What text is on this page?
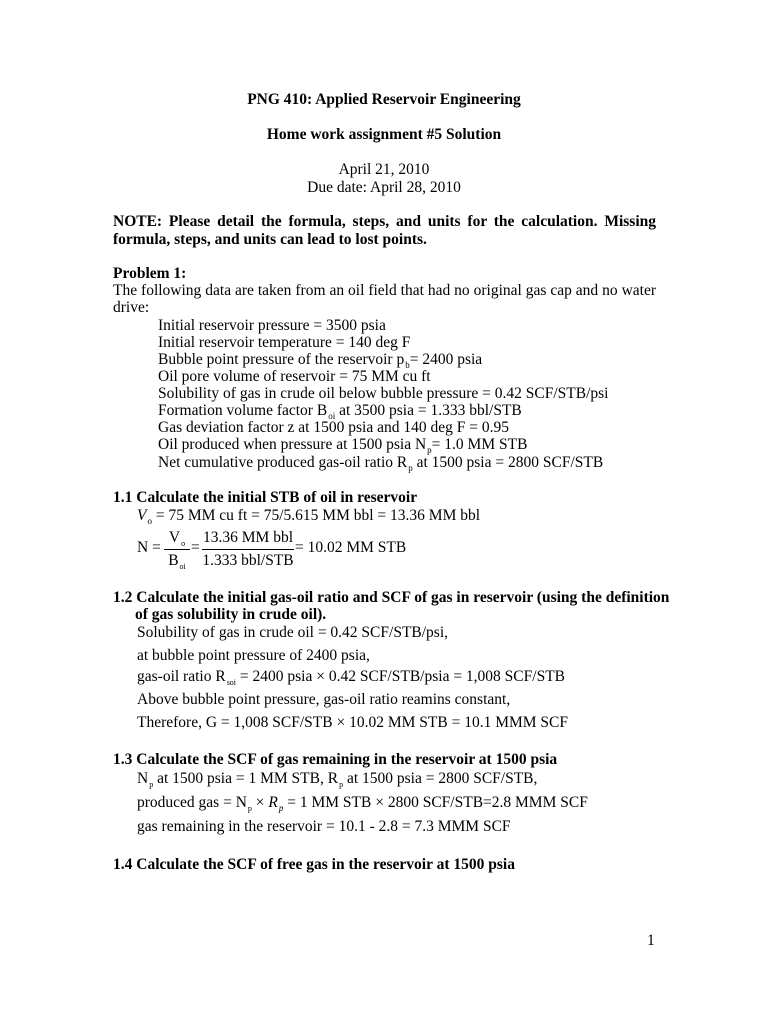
PNG 410: Applied Reservoir Engineering
Home work assignment #5 Solution
April 21, 2010
Due date: April 28, 2010
NOTE: Please detail the formula, steps, and units for the calculation. Missing
formula, steps, and units can lead to lost points.
Problem 1:
The following data are taken from an oil field that had no original gas cap and no water
drive:
Initial reservoir pressure = 3500 psia
Initial reservoir temperature = 140 deg F
Bubble point pressure of the reservoir $p_b= 2400$ psia
Oil pore volume of reservoir = 75 MM cu ft
Solubility of gas in crude oil below bubble pressure = 0.42 SCF/STB/psi
Formation volume factor $B_{oi}$ at 3500 psia = 1.333 bbl/STB
Gas deviation factor z at 1500 psia and 140 deg F = 0.95
Oil produced when pressure at 1500 psia $N_p= 1.0$ MM STB
Net cumulative produced gas-oil ratio $R_p$ at 1500 psia = 2800 SCF/STB
1.1 Calculate the initial STB of oil in reservoir
$V_o = 75$ MM cu ft = 75/5.615 MM bbl = 13.36 MM bbl
N =
$V_o$
$B_{oi}$
=
13.36 MM bbl
1.333 bbl/STB
= 10.02 MM STB
1.2 Calculate the initial gas-oil ratio and SCF of gas in reservoir (using the definition
of gas solubility in crude oil).
Solubility of gas in crude oil = 0.42 SCF/STB/psi,
at bubble point pressure of 2400 psia,
gas-oil ratio $R_{soi} = 2400$ psia × 0.42 SCF/STB/psia = 1,008 SCF/STB
Above bubble point pressure, gas-oil ratio reamins constant,
Therefore, G = 1,008 SCF/STB × 10.02 MM STB = 10.1 MMM SCF
1.3 Calculate the SCF of gas remaining in the reservoir at 1500 psia
$N_p$ at 1500 psia = 1 MM STB, $R_p$ at 1500 psia = 2800 SCF/STB,
produced gas = $N_p \times R_p = 1$ MM STB × 2800 SCF/STB=2.8 MMM SCF
gas remaining in the reservoir = 10.1 - 2.8 = 7.3 MMM SCF
1.4 Calculate the SCF of free gas in the reservoir at 1500 psia
1
